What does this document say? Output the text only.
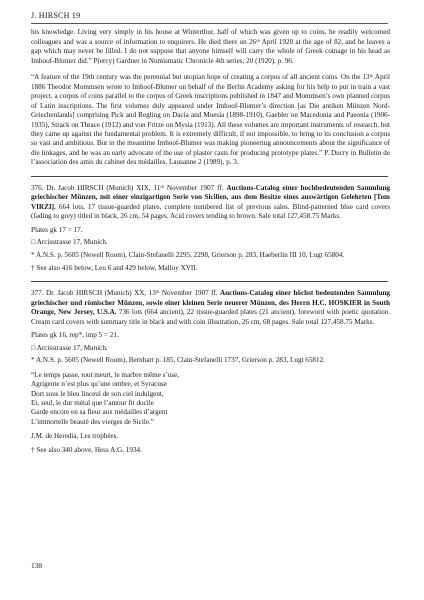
J. HIRSCH 19

his knowledge. Living very simply in his house at Winterthur, half of which was given up to coins, he readily welcomed colleagues and was a source of information to enquirers. He died there on 26ᵗʰ April 1920 at the age of 82, and he leaves a gap which may never be filled. I do not suppose that anyone himself will carry the whole of Greek coinage in his head as Imhoof-Blumer did.” P(ercy) Gardner in Numismatic Chronicle 4th series, 20 (1920), p. 96.

“A feature of the 19th century was the perennial but utopian hope of creating a corpus of all ancient coins. On the 13ᵗʰ April 1886 Theodor Mommsen wrote to Imhoof-Blumer on behalf of the Berlin Academy asking for his help to put in train a vast project, a corpus of coins parallel to the corpus of Greek inscriptions published in 1847 and Mommsen’s own planned corpus of Latin inscriptions. The first volumes duly appeared under Imhoof-Blumer’s direction [as Die antiken Münzen Nord-Griechenlands] comprising Pick and Regling on Dacia and Moesia (1898-1910), Gaebler on Macedonia and Paeonia (1906-1935), Strack on Thrace (1912) and von Fritze on Mysia (1913). All these volumes are important instruments of research, but they came up against the fundamental problem. It is extremely difficult, if not impossible, to bring to its conclusion a corpus so vast and ambitious. But in the meantime Imhoof-Blumer was making pioneering announcements about the significance of die linkages, and he was an early advocate of the use of plaster casts for producing prototype plates.” P. Ducry in Bulletin de l’association des amis du cabinet des médailles, Lausanne 2 (1989), p. 3.

376. Dr. Jacob HIRSCH (Munich) XIX, 11ᵗʰ November 1907 ff. Auctions-Catalog einer hochbedeutenden Sammlung griechischer Münzen, mit einer einzigartigen Serie von Sicilien, aus dem Besitze eines auswärtigen Gelehrten [Tom VIRZI]. 664 lots, 17 tissue-guarded plates, complete numbered list of previous sales. Blind-patterned blue card covers (fading to grey) titled in black, 26 cm, 54 pages. Acid covers tending to brown. Sale total 127,458.75 Marks.

Plates gk 17 = 17.

□ Arcisstrasse 17, Munich.

* A.N.S. p. 5605 (Newell Room), Clain-Stefanelli 2295, 2298, Grierson p. 283, Haeberlin III 10, Lugt 65804.

† See also 416 below, Leu 6 and 429 below, Malloy XVII.

377. Dr. Jacob HIRSCH (Munich) XX, 13ᵗʰ November 1907 ff. Auctions-Catalog einer höchst bedeutenden Sammlung griechischer und römischer Münzen, sowie einer kleinen Serie neuerer Münzen, des Herrn H.C. HOSKIER in South Orange, New Jersey, U.S.A. 736 lots (664 ancient), 22 tissue-guarded plates (21 ancient), foreword with poetic quotation. Cream card covers with summary title in black and with coin illustration, 26 cm, 68 pages. Sale total 127,458.75 Marks.

Plates gk 16, rep*, imp 5 = 21.

□ Arcisstrasse 17, Munich.

* A.N.S. p. 5605 (Newell Room), Bernhart p. 185, Clain-Stefanelli 1737, Grierson p. 283, Lugt 65812.

“Le temps passe, tout meurt, le marbre même s’use,
Agrigente n’est plus qu’une ombre, et Syracuse
Dort sous le bleu linceul de son ciel indulgent,
Et, seul, le dur métal que l’amour fit docile
Garde encore en sa fleur aux médailles d’argent
L’immortelle beauté des vierges de Sicile.”

J.M. de Heredia, Les trophées.

† See also 340 above, Hess A.G. 1934.

138
